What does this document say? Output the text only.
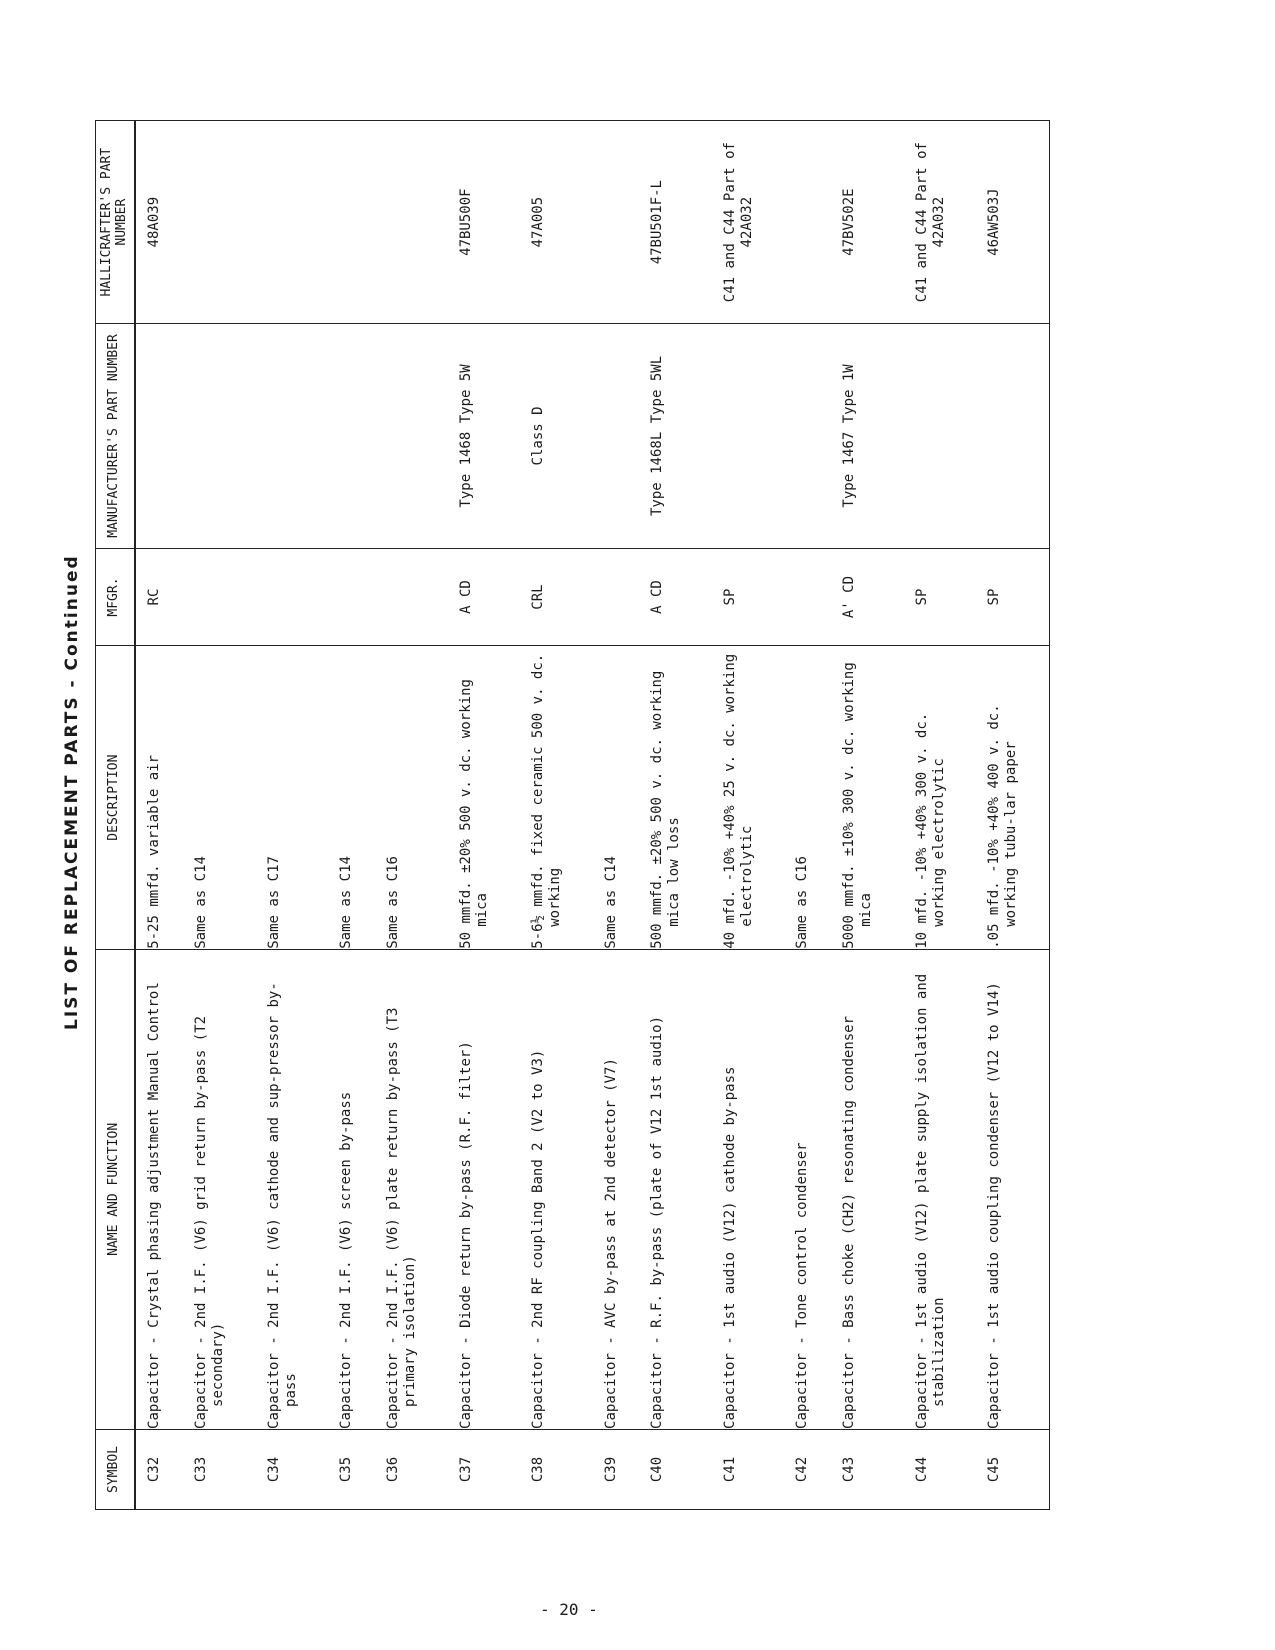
LIST OF REPLACEMENT PARTS - Continued
SYMBOL	NAME AND FUNCTION	DESCRIPTION	MFGR.	MANUFACTURER'S PART NUMBER	HALLICRAFTER'S PART NUMBER
C32	Capacitor - Crystal phasing adjustment Manual Control	5-25 mmfd. variable air	RC		48A039
C33	Capacitor - 2nd I.F. (V6) grid return by-pass (T2 secondary)	Same as C14			
C34	Capacitor - 2nd I.F. (V6) cathode and sup-pressor by-pass	Same as C17			
C35	Capacitor - 2nd I.F. (V6) screen by-pass	Same as C14			
C36	Capacitor - 2nd I.F. (V6) plate return by-pass (T3 primary isolation)	Same as C16			
C37	Capacitor - Diode return by-pass (R.F. filter)	50 mmfd. ±20% 500 v. dc. working mica	A CD	Type 1468 Type 5W	47BU500F
C38	Capacitor - 2nd RF coupling Band 2 (V2 to V3)	5-6½ mmfd. fixed ceramic 500 v. dc. working	CRL	Class D	47A005
C39	Capacitor - AVC by-pass at 2nd detector (V7)	Same as C14			
C40	Capacitor - R.F. by-pass (plate of V12 1st audio)	500 mmfd. ±20% 500 v. dc. working mica low loss	A CD	Type 1468L Type 5WL	47BU501F-L
C41	Capacitor - 1st audio (V12) cathode by-pass	40 mfd. -10% +40% 25 v. dc. working electrolytic	SP		C41 and C44 Part of 42A032
C42	Capacitor - Tone control condenser	Same as C16			
C43	Capacitor - Bass choke (CH2) resonating condenser	5000 mmfd. ±10% 300 v. dc. working mica	A' CD	Type 1467 Type 1W	47BV502E
C44	Capacitor - 1st audio (V12) plate supply isolation and stabilization	10 mfd. -10% +40% 300 v. dc. working electrolytic	SP		C41 and C44 Part of 42A032
C45	Capacitor - 1st audio coupling condenser (V12 to V14)	.05 mfd. -10% +40% 400 v. dc. working tubu-lar paper	SP		46AW503J
- 20 -
